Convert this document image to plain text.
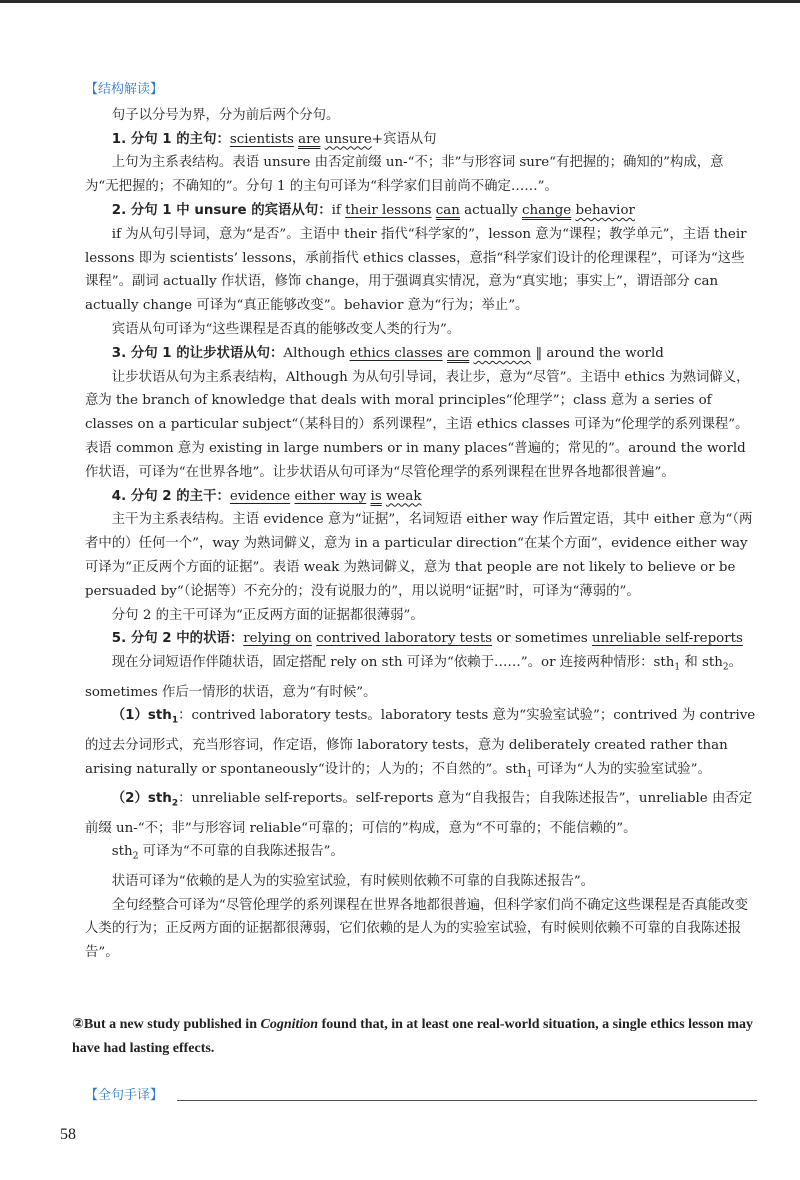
【结构解读】

句子以分号为界，分为前后两个分句。

1. 分句 1 的主句：scientists are unsure+宾语从句

上句为主系表结构。表语 unsure 由否定前缀 un-“不；非”与形容词 sure“有把握的；确知的”构成，意为“无把握的；不确知的”。分句 1 的主句可译为“科学家们目前尚不确定……”。

2. 分句 1 中 unsure 的宾语从句：if their lessons can actually change behavior

if 为从句引导词，意为“是否”。主语中 their 指代“科学家的”，lesson 意为“课程；教学单元”，主语 their lessons 即为 scientists’ lessons，承前指代 ethics classes，意指“科学家们设计的伦理课程”，可译为“这些课程”。副词 actually 作状语，修饰 change，用于强调真实情况，意为“真实地；事实上”，谓语部分 can actually change 可译为“真正能够改变”。behavior 意为“行为；举止”。

宾语从句可译为“这些课程是否真的能够改变人类的行为”。

3. 分句 1 的让步状语从句：Although ethics classes are common ‖ around the world

让步状语从句为主系表结构，Although 为从句引导词，表让步，意为“尽管”。主语中 ethics 为熟词僻义，意为 the branch of knowledge that deals with moral principles“伦理学”；class 意为 a series of classes on a particular subject“（某科目的）系列课程”，主语 ethics classes 可译为“伦理学的系列课程”。表语 common 意为 existing in large numbers or in many places“普遍的；常见的”。around the world 作状语，可译为“在世界各地”。让步状语从句可译为“尽管伦理学的系列课程在世界各地都很普遍”。

4. 分句 2 的主干：evidence either way is weak

主干为主系表结构。主语 evidence 意为“证据”，名词短语 either way 作后置定语，其中 either 意为“（两者中的）任何一个”，way 为熟词僻义，意为 in a particular direction“在某个方面”，evidence either way 可译为“正反两个方面的证据”。表语 weak 为熟词僻义，意为 that people are not likely to believe or be persuaded by“（论据等）不充分的；没有说服力的”，用以说明“证据”时，可译为“薄弱的”。

分句 2 的主干可译为“正反两方面的证据都很薄弱”。

5. 分句 2 中的状语：relying on contrived laboratory tests or sometimes unreliable self-reports

现在分词短语作伴随状语，固定搭配 rely on sth 可译为“依赖于……”。or 连接两种情形：sth$_1$ 和 sth$_2$。sometimes 作后一情形的状语，意为“有时候”。

（1）sth$_1$：contrived laboratory tests。laboratory tests 意为“实验室试验”；contrived 为 contrive 的过去分词形式，充当形容词，作定语，修饰 laboratory tests，意为 deliberately created rather than arising naturally or spontaneously“设计的；人为的；不自然的”。sth$_1$ 可译为“人为的实验室试验”。

（2）sth$_2$：unreliable self-reports。self-reports 意为“自我报告；自我陈述报告”，unreliable 由否定前缀 un-“不；非”与形容词 reliable“可靠的；可信的”构成，意为“不可靠的；不能信赖的”。

sth$_2$ 可译为“不可靠的自我陈述报告”。

状语可译为“依赖的是人为的实验室试验，有时候则依赖不可靠的自我陈述报告”。

全句经整合可译为“尽管伦理学的系列课程在世界各地都很普遍，但科学家们尚不确定这些课程是否真能改变人类的行为；正反两方面的证据都很薄弱，它们依赖的是人为的实验室试验，有时候则依赖不可靠的自我陈述报告”。

②But a new study published in Cognition found that, in at least one real-world situation, a single ethics lesson may have had lasting effects.
【全句手译】
58
